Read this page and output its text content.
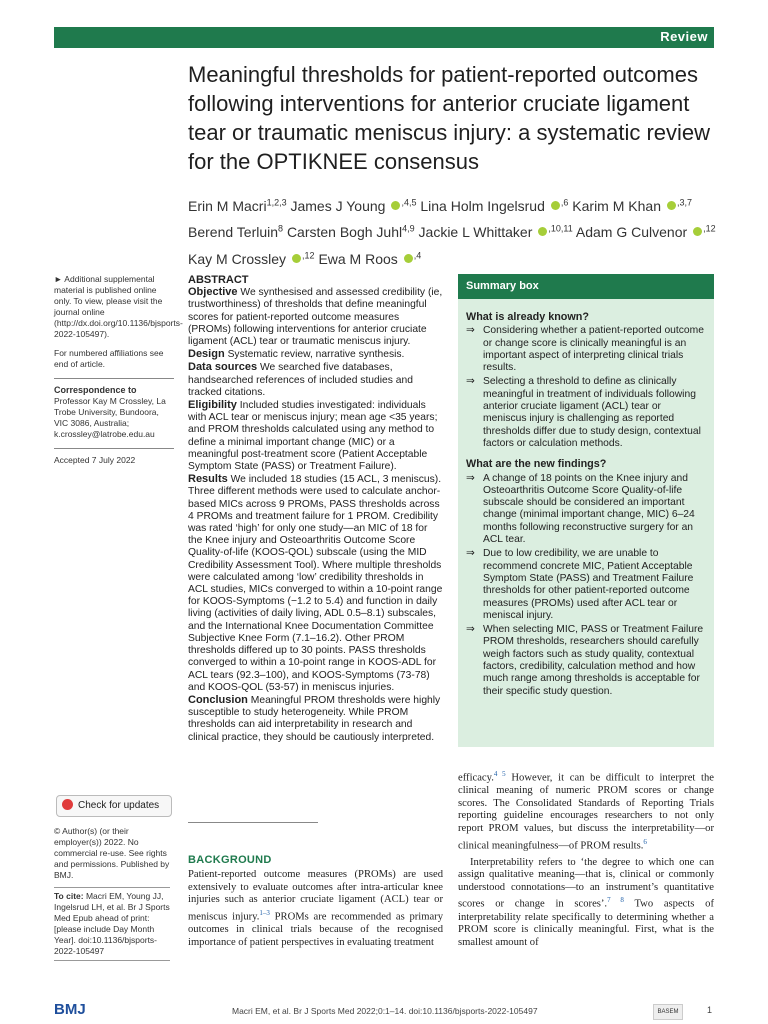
Review
Meaningful thresholds for patient-reported outcomes following interventions for anterior cruciate ligament tear or traumatic meniscus injury: a systematic review for the OPTIKNEE consensus
Erin M Macri$^{1,2,3}$ James J Young $^{,4,5}$ Lina Holm Ingelsrud $^{,6}$ Karim M Khan $^{,3,7}$ Berend Terluin$^8$ Carsten Bogh Juhl$^{4,9}$ Jackie L Whittaker $^{,10,11}$ Adam G Culvenor $^{,12}$ Kay M Crossley $^{,12}$ Ewa M Roos $^{,4}$

► Additional supplemental material is published online only. To view, please visit the journal online (http://dx.doi.org/10.1136/bjsports-2022-105497).

For numbered affiliations see end of article.

Correspondence to

Professor Kay M Crossley, La Trobe University, Bundoora, VIC 3086, Australia; k.crossley@latrobe.edu.au

Accepted 7 July 2022

Check for updates
© Author(s) (or their employer(s)) 2022. No commercial re-use. See rights and permissions. Published by BMJ.
To cite: Macri EM, Young JJ, Ingelsrud LH, et al. Br J Sports Med Epub ahead of print: [please include Day Month Year]. doi:10.1136/bjsports-2022-105497
ABSTRACT

Objective We synthesised and assessed credibility (ie, trustworthiness) of thresholds that define meaningful scores for patient-reported outcome measures (PROMs) following interventions for anterior cruciate ligament (ACL) tear or traumatic meniscus injury.

Design Systematic review, narrative synthesis.

Data sources We searched five databases, handsearched references of included studies and tracked citations.

Eligibility Included studies investigated: individuals with ACL tear or meniscus injury; mean age <35 years; and PROM thresholds calculated using any method to define a minimal important change (MIC) or a meaningful post-treatment score (Patient Acceptable Symptom State (PASS) or Treatment Failure).

Results We included 18 studies (15 ACL, 3 meniscus). Three different methods were used to calculate anchor-based MICs across 9 PROMs, PASS thresholds across 4 PROMs and treatment failure for 1 PROM. Credibility was rated ‘high’ for only one study—an MIC of 18 for the Knee injury and Osteoarthritis Outcome Score Quality-of-life (KOOS-QOL) subscale (using the MID Credibility Assessment Tool). Where multiple thresholds were calculated among ‘low’ credibility thresholds in ACL studies, MICs converged to within a 10-point range for KOOS-Symptoms (−1.2 to 5.4) and function in daily living (activities of daily living, ADL 0.5–8.1) subscales, and the International Knee Documentation Committee Subjective Knee Form (7.1–16.2). Other PROM thresholds differed up to 30 points. PASS thresholds converged to within a 10-point range in KOOS-ADL for ACL tears (92.3–100), and KOOS-Symptoms (73-78) and KOOS-QOL (53-57) in meniscus injuries.

Conclusion Meaningful PROM thresholds were highly susceptible to study heterogeneity. While PROM thresholds can aid interpretability in research and clinical practice, they should be cautiously interpreted.

BACKGROUND
Patient-reported outcome measures (PROMs) are used extensively to evaluate outcomes after intra-articular knee injuries such as anterior cruciate ligament (ACL) tear or meniscus injury.$^{1-3}$ PROMs are recommended as primary outcomes in clinical trials because of the recognised importance of patient perspectives in evaluating treatment
Summary box
What is already known?
⇒ Considering whether a patient-reported outcome or change score is clinically meaningful is an important aspect of interpreting clinical trials results.
⇒ Selecting a threshold to define as clinically meaningful in treatment of individuals following anterior cruciate ligament (ACL) tear or meniscus injury is challenging as reported thresholds differ due to study design, contextual factors or calculation methods.
What are the new findings?
⇒ A change of 18 points on the Knee injury and Osteoarthritis Outcome Score Quality-of-life subscale should be considered an important change (minimal important change, MIC) 6–24 months following reconstructive surgery for an ACL tear.
⇒ Due to low credibility, we are unable to recommend concrete MIC, Patient Acceptable Symptom State (PASS) and Treatment Failure thresholds for other patient-reported outcome measures (PROMs) used after ACL tear or meniscal injury.
⇒ When selecting MIC, PASS or Treatment Failure PROM thresholds, researchers should carefully weigh factors such as study quality, contextual factors, credibility, calculation method and how much range among thresholds is acceptable for their specific study question.

efficacy.$^{4 5}$ However, it can be difficult to interpret the clinical meaning of numeric PROM scores or change scores. The Consolidated Standards of Reporting Trials reporting guideline encourages researchers to not only report PROM values, but discuss the interpretability—or clinical meaningfulness—of PROM results.$^6$

Interpretability refers to ‘the degree to which one can assign qualitative meaning—that is, clinical or commonly understood connotations—to an instrument’s quantitative scores or change in scores’.$^{7 8}$ Two aspects of interpretability relate specifically to determining whether a PROM score is clinically meaningful. First, what is the smallest amount of

BMJ	Macri EM, et al. Br J Sports Med 2022;0:1–14. doi:10.1136/bjsports-2022-105497	BASEM	1
